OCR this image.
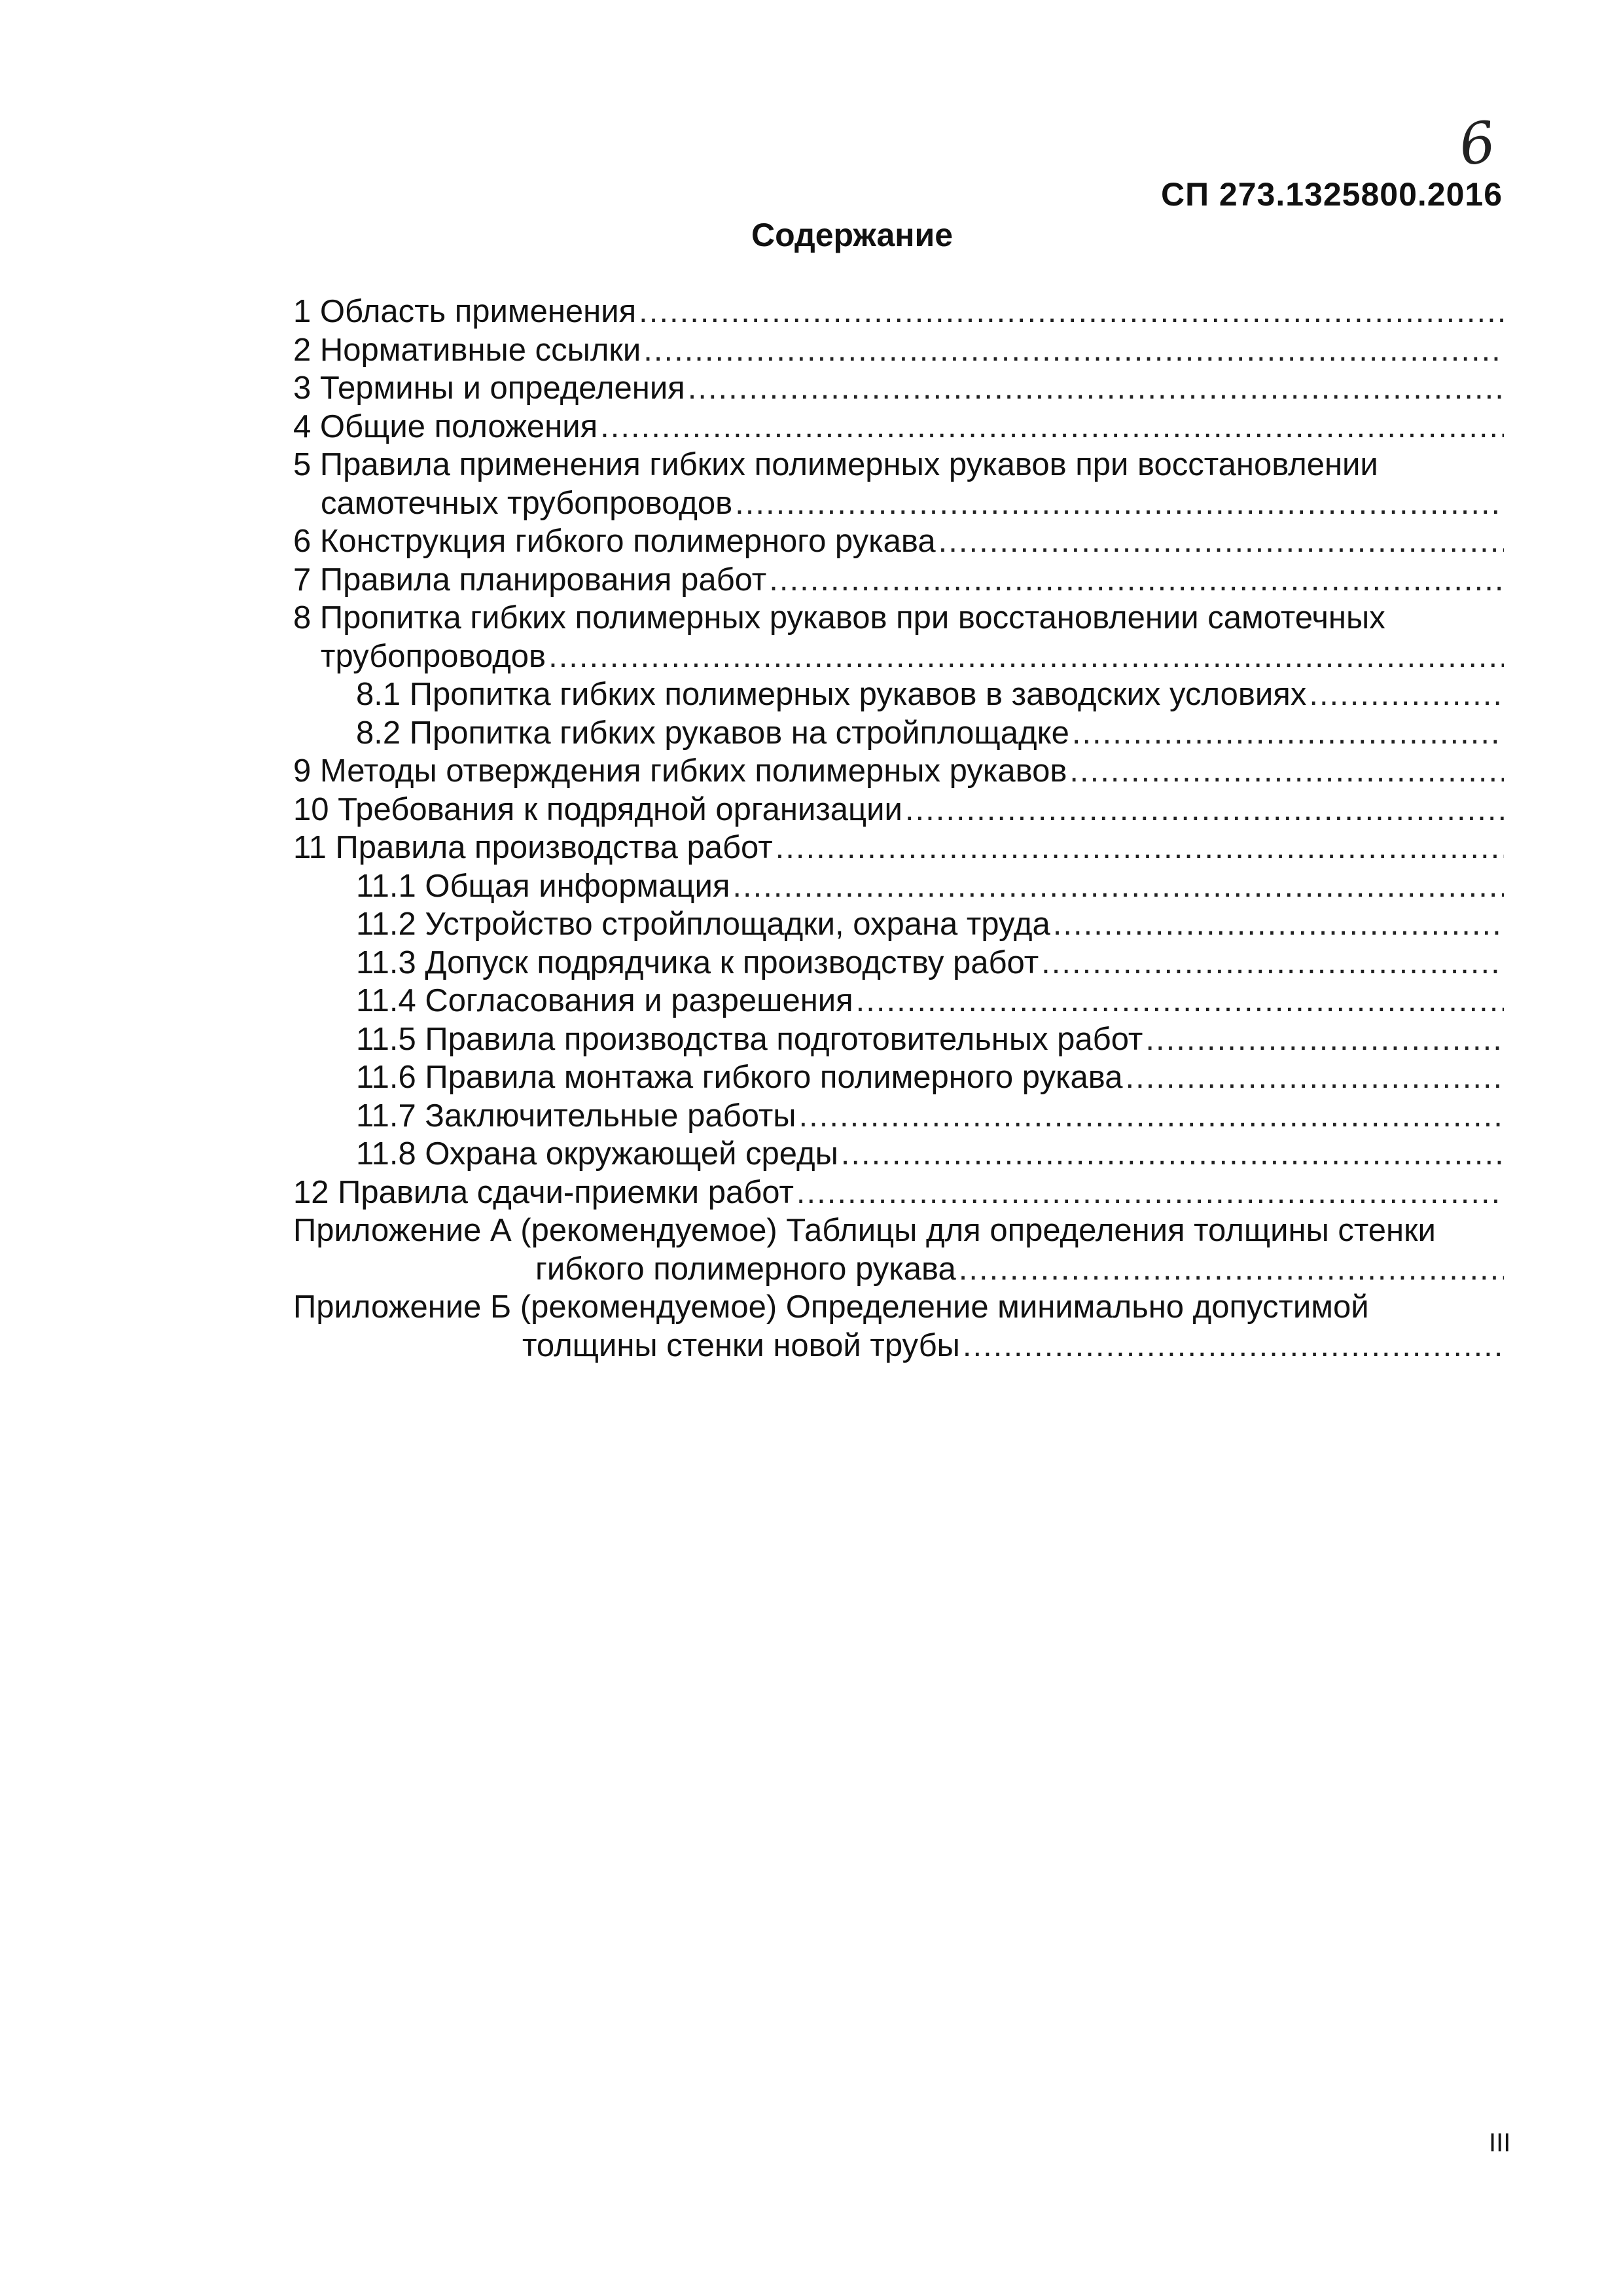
6
СП 273.1325800.2016
Содержание
1 Область применения
.....
2 Нормативные ссылки
.....
3 Термины и определения
.....
4 Общие положения
.....
5 Правила применения гибких полимерных рукавов при восстановлении
самотечных трубопроводов
.....
6 Конструкция гибкого полимерного рукава
.....
7 Правила планирования работ
.....
8 Пропитка гибких полимерных рукавов при восстановлении самотечных
трубопроводов
.....
8.1 Пропитка гибких полимерных рукавов в заводских условиях
.....
8.2 Пропитка гибких рукавов на стройплощадке
.....
9 Методы отверждения гибких полимерных рукавов
.....
10 Требования к подрядной организации
.....
11 Правила производства работ
.....
11.1 Общая информация
.....
11.2 Устройство стройплощадки, охрана труда
.....
11.3 Допуск подрядчика к производству работ
.....
11.4 Согласования и разрешения
.....
11.5 Правила производства подготовительных работ
.....
11.6 Правила монтажа гибкого полимерного рукава
.....
11.7 Заключительные работы
.....
11.8 Охрана окружающей среды
.....
12 Правила сдачи-приемки работ
.....
Приложение А (рекомендуемое) Таблицы для определения толщины стенки
гибкого полимерного рукава
.....
Приложение Б (рекомендуемое) Определение минимально допустимой
толщины стенки новой трубы
.....
III
